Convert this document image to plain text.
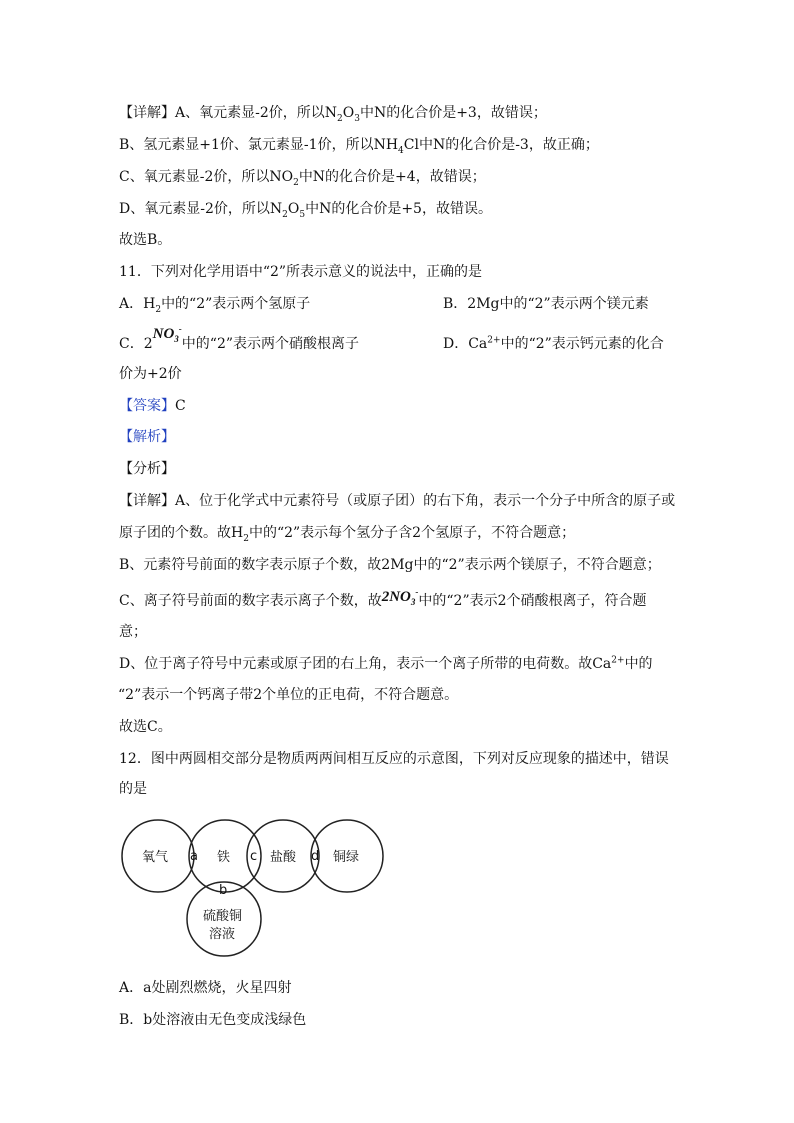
【详解】A、氧元素显-2价，所以$N_2O_3$中N的化合价是+3，故错误；
B、氢元素显+1价、氯元素显-1价，所以$NH_4Cl$中N的化合价是-3，故正确；
C、氧元素显-2价，所以$NO_2$中N的化合价是+4，故错误；
D、氧元素显-2价，所以$N_2O_5$中N的化合价是+5，故错误。
故选B。
11．下列对化学用语中“2”所表示意义的说法中，正确的是
A．$H_2$中的“2”表示两个氢原子	B．2Mg中的“2”表示两个镁元素
C．$2NO_3^-$中的“2”表示两个硝酸根离子	D．$Ca^{2+}$中的“2”表示钙元素的化合
价为+2价
【答案】C
【解析】
【分析】
【详解】A、位于化学式中元素符号（或原子团）的右下角，表示一个分子中所含的原子或
原子团的个数。故$H_2$中的“2”表示每个氢分子含2个氢原子，不符合题意；
B、元素符号前面的数字表示原子个数，故2Mg中的“2”表示两个镁原子，不符合题意；
C、离子符号前面的数字表示离子个数，故$2NO_3^-$中的“2”表示2个硝酸根离子，符合题
意；
D、位于离子符号中元素或原子团的右上角，表示一个离子所带的电荷数。故$Ca^{2+}$中的
“2”表示一个钙离子带2个单位的正电荷，不符合题意。
故选C。
12．图中两圆相交部分是物质两两间相互反应的示意图，下列对反应现象的描述中，错误
的是
氧气	铁	盐酸	铜绿
硫酸铜
溶液
a
b
c	d
A．a处剧烈燃烧，火星四射
B．b处溶液由无色变成浅绿色
